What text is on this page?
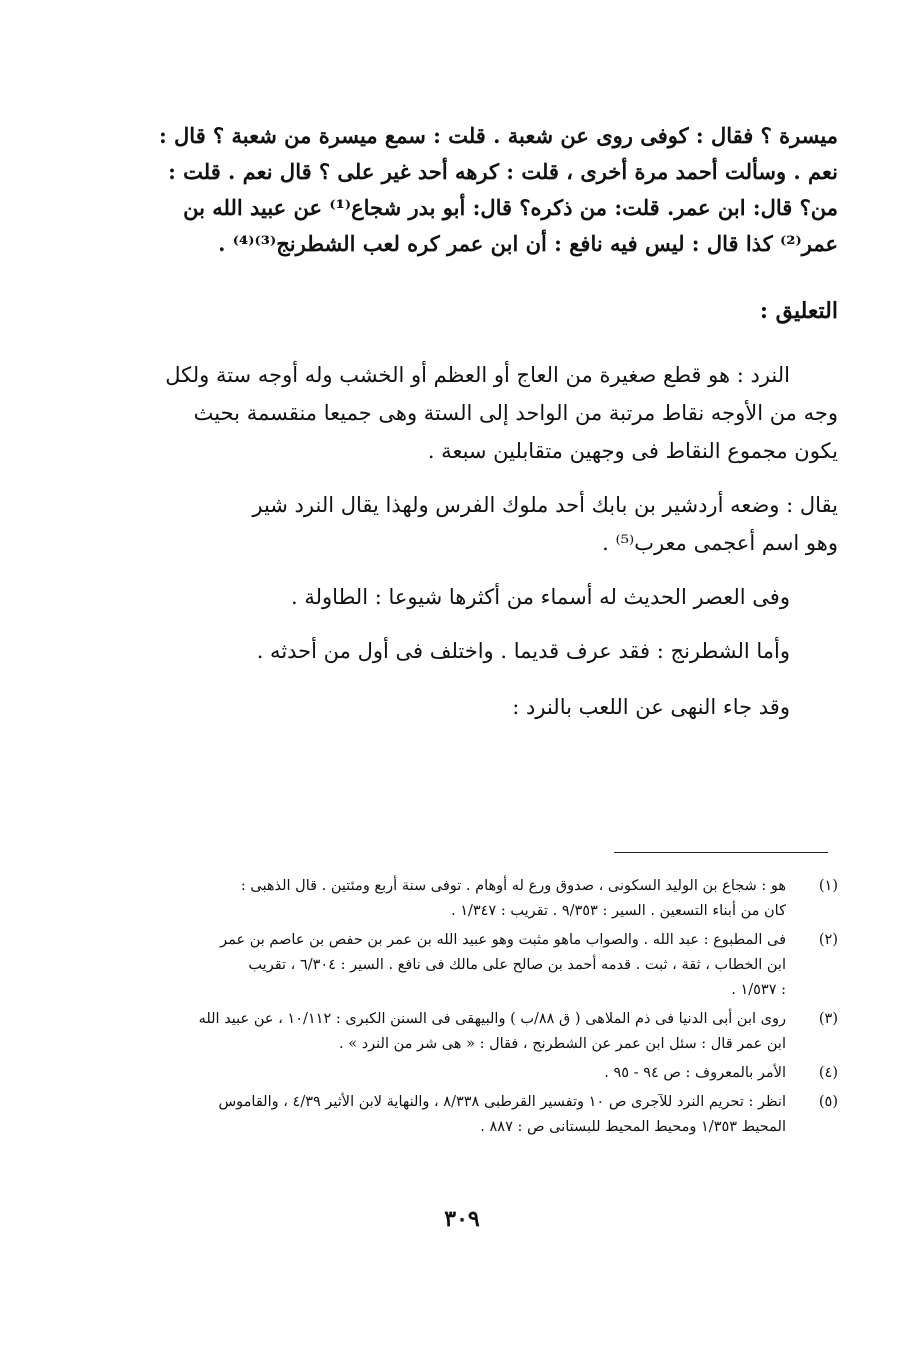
ميسرة ؟ فقال : كوفى روى عن شعبة . قلت : سمع ميسرة من شعبة ؟ قال :
نعم . وسألت أحمد مرة أخرى ، قلت : كرهه أحد غير على ؟ قال نعم . قلت :
من؟ قال: ابن عمر. قلت: من ذكره؟ قال: أبو بدر شجاع⁽¹⁾ عن عبيد الله بن
عمر⁽²⁾ كذا قال : ليس فيه نافع : أن ابن عمر كره لعب الشطرنج⁽³⁾⁽⁴⁾ .
التعليق :
النرد : هو قطع صغيرة من العاج أو العظم أو الخشب وله أوجه ستة ولكل
وجه من الأوجه نقاط مرتبة من الواحد إلى الستة وهى جميعا منقسمة بحيث
يكون مجموع النقاط فى وجهين متقابلين سبعة .
يقال : وضعه أردشير بن بابك أحد ملوك الفرس ولهذا يقال النرد شير
وهو اسم أعجمى معرب⁽⁵⁾ .
وفى العصر الحديث له أسماء من أكثرها شيوعا : الطاولة .
وأما الشطرنج : فقد عرف قديما . واختلف فى أول من أحدثه .
وقد جاء النهى عن اللعب بالنرد :
(١)
هو : شجاع بن الوليد السكونى ، صدوق ورع له أوهام . توفى سنة أربع ومئتين . قال الذهبى :
كان من أبناء التسعين . السير : ٩/٣٥٣ . تقريب : ١/٣٤٧ .
(٢)
فى المطبوع : عبد الله . والصواب ماهو مثبت وهو عبيد الله بن عمر بن حفص بن عاصم بن عمر
ابن الخطاب ، ثقة ، ثبت . قدمه أحمد بن صالح على مالك فى نافع . السير : ٦/٣٠٤ ، تقريب
: ١/٥٣٧ .
(٣)
روى ابن أبى الدنيا فى ذم الملاهى ( ق ٨٨/ب ) والبيهقى فى السنن الكبرى : ١٠/١١٢ ، عن عبيد الله
ابن عمر قال : سئل ابن عمر عن الشطرنج ، فقال : « هى شر من النرد » .
(٤)
الأمر بالمعروف : ص ٩٤ - ٩٥ .
(٥)
انظر : تحريم النرد للآجرى ص ١٠ وتفسير القرطبى ٨/٣٣٨ ، والنهاية لابن الأثير ٤/٣٩ ، والقاموس
المحيط ١/٣٥٣ ومحيط المحيط للبستانى ص : ٨٨٧ .
٣٠٩
